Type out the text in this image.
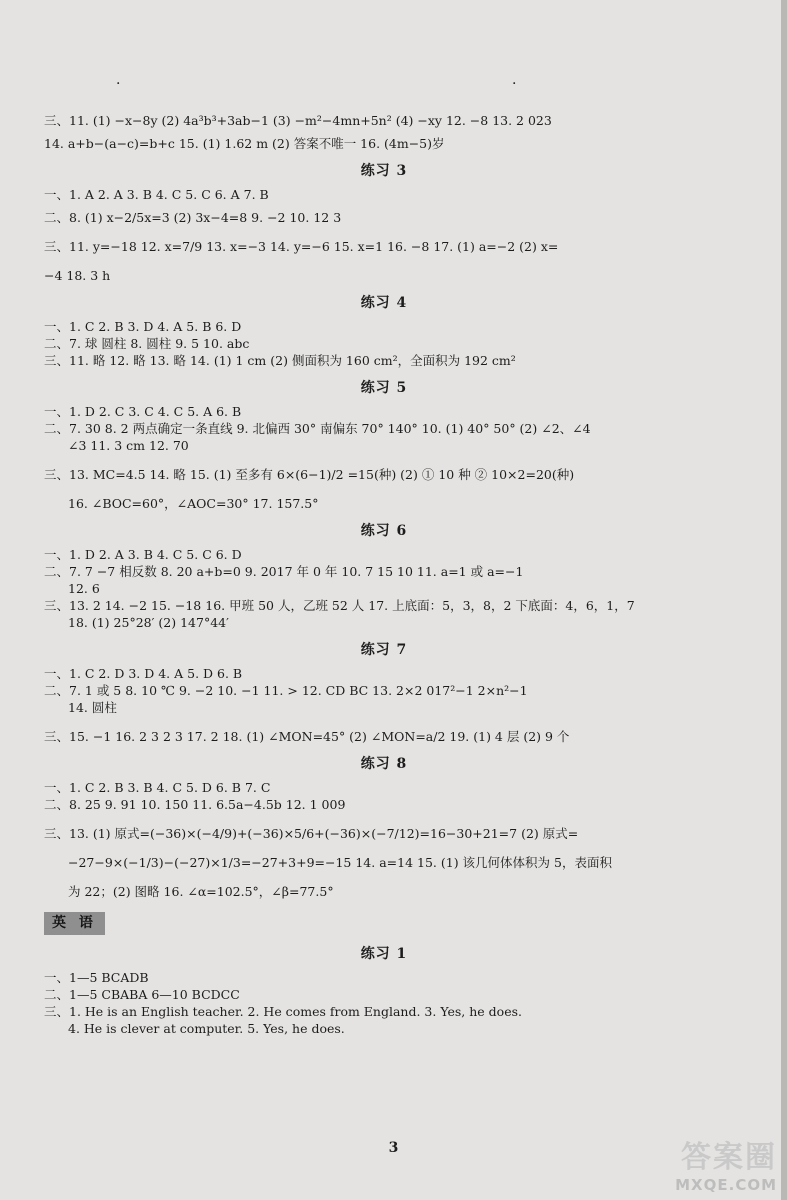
·	·

三、11. (1) −x−8y (2) 4a³b³+3ab−1 (3) −m²−4mn+5n² (4) −xy 12. −8 13. 2 023

14. a+b−(a−c)=b+c 15. (1) 1.62 m (2) 答案不唯一 16. (4m−5)岁

练习 3

一、1. A 2. A 3. B 4. C 5. C 6. A 7. B

二、8. (1) x−2/5x=3 (2) 3x−4=8 9. −2 10. 12 3

三、11. y=−18 12. x=7/9 13. x=−3 14. y=−6 15. x=1 16. −8 17. (1) a=−2 (2) x=

−4 18. 3 h

练习 4

一、1. C 2. B 3. D 4. A 5. B 6. D

二、7. 球 圆柱 8. 圆柱 9. 5 10. abc

三、11. 略 12. 略 13. 略 14. (1) 1 cm (2) 侧面积为 160 cm²，全面积为 192 cm²

练习 5

一、1. D 2. C 3. C 4. C 5. A 6. B

二、7. 30 8. 2 两点确定一条直线 9. 北偏西 30° 南偏东 70° 140° 10. (1) 40° 50° (2) ∠2、∠4

∠3 11. 3 cm 12. 70

三、13. MC=4.5 14. 略 15. (1) 至多有 6×(6−1)/2 =15(种) (2) ① 10 种 ② 10×2=20(种)

16. ∠BOC=60°，∠AOC=30° 17. 157.5°

练习 6

一、1. D 2. A 3. B 4. C 5. C 6. D

二、7. 7 −7 相反数 8. 20 a+b=0 9. 2017 年 0 年 10. 7 15 10 11. a=1 或 a=−1

12. 6

三、13. 2 14. −2 15. −18 16. 甲班 50 人，乙班 52 人 17. 上底面：5，3，8，2 下底面：4，6，1，7

18. (1) 25°28′ (2) 147°44′

练习 7

一、1. C 2. D 3. D 4. A 5. D 6. B

二、7. 1 或 5 8. 10 ℃ 9. −2 10. −1 11. > 12. CD BC 13. 2×2 017²−1 2×n²−1

14. 圆柱

三、15. −1 16. 2 3 2 3 17. 2 18. (1) ∠MON=45° (2) ∠MON=a/2 19. (1) 4 层 (2) 9 个

练习 8

一、1. C 2. B 3. B 4. C 5. D 6. B 7. C

二、8. 25 9. 91 10. 150 11. 6.5a−4.5b 12. 1 009

三、13. (1) 原式=(−36)×(−4/9)+(−36)×5/6+(−36)×(−7/12)=16−30+21=7 (2) 原式=

−27−9×(−1/3)−(−27)×1/3=−27+3+9=−15 14. a=14 15. (1) 该几何体体积为 5，表面积

为 22；(2) 图略 16. ∠α=102.5°，∠β=77.5°

英 语
练习 1

一、1—5 BCADB

二、1—5 CBABA 6—10 BCDCC

三、1. He is an English teacher. 2. He comes from England. 3. Yes, he does.

4. He is clever at computer. 5. Yes, he does.

3	答案圈
MXQE.COM
